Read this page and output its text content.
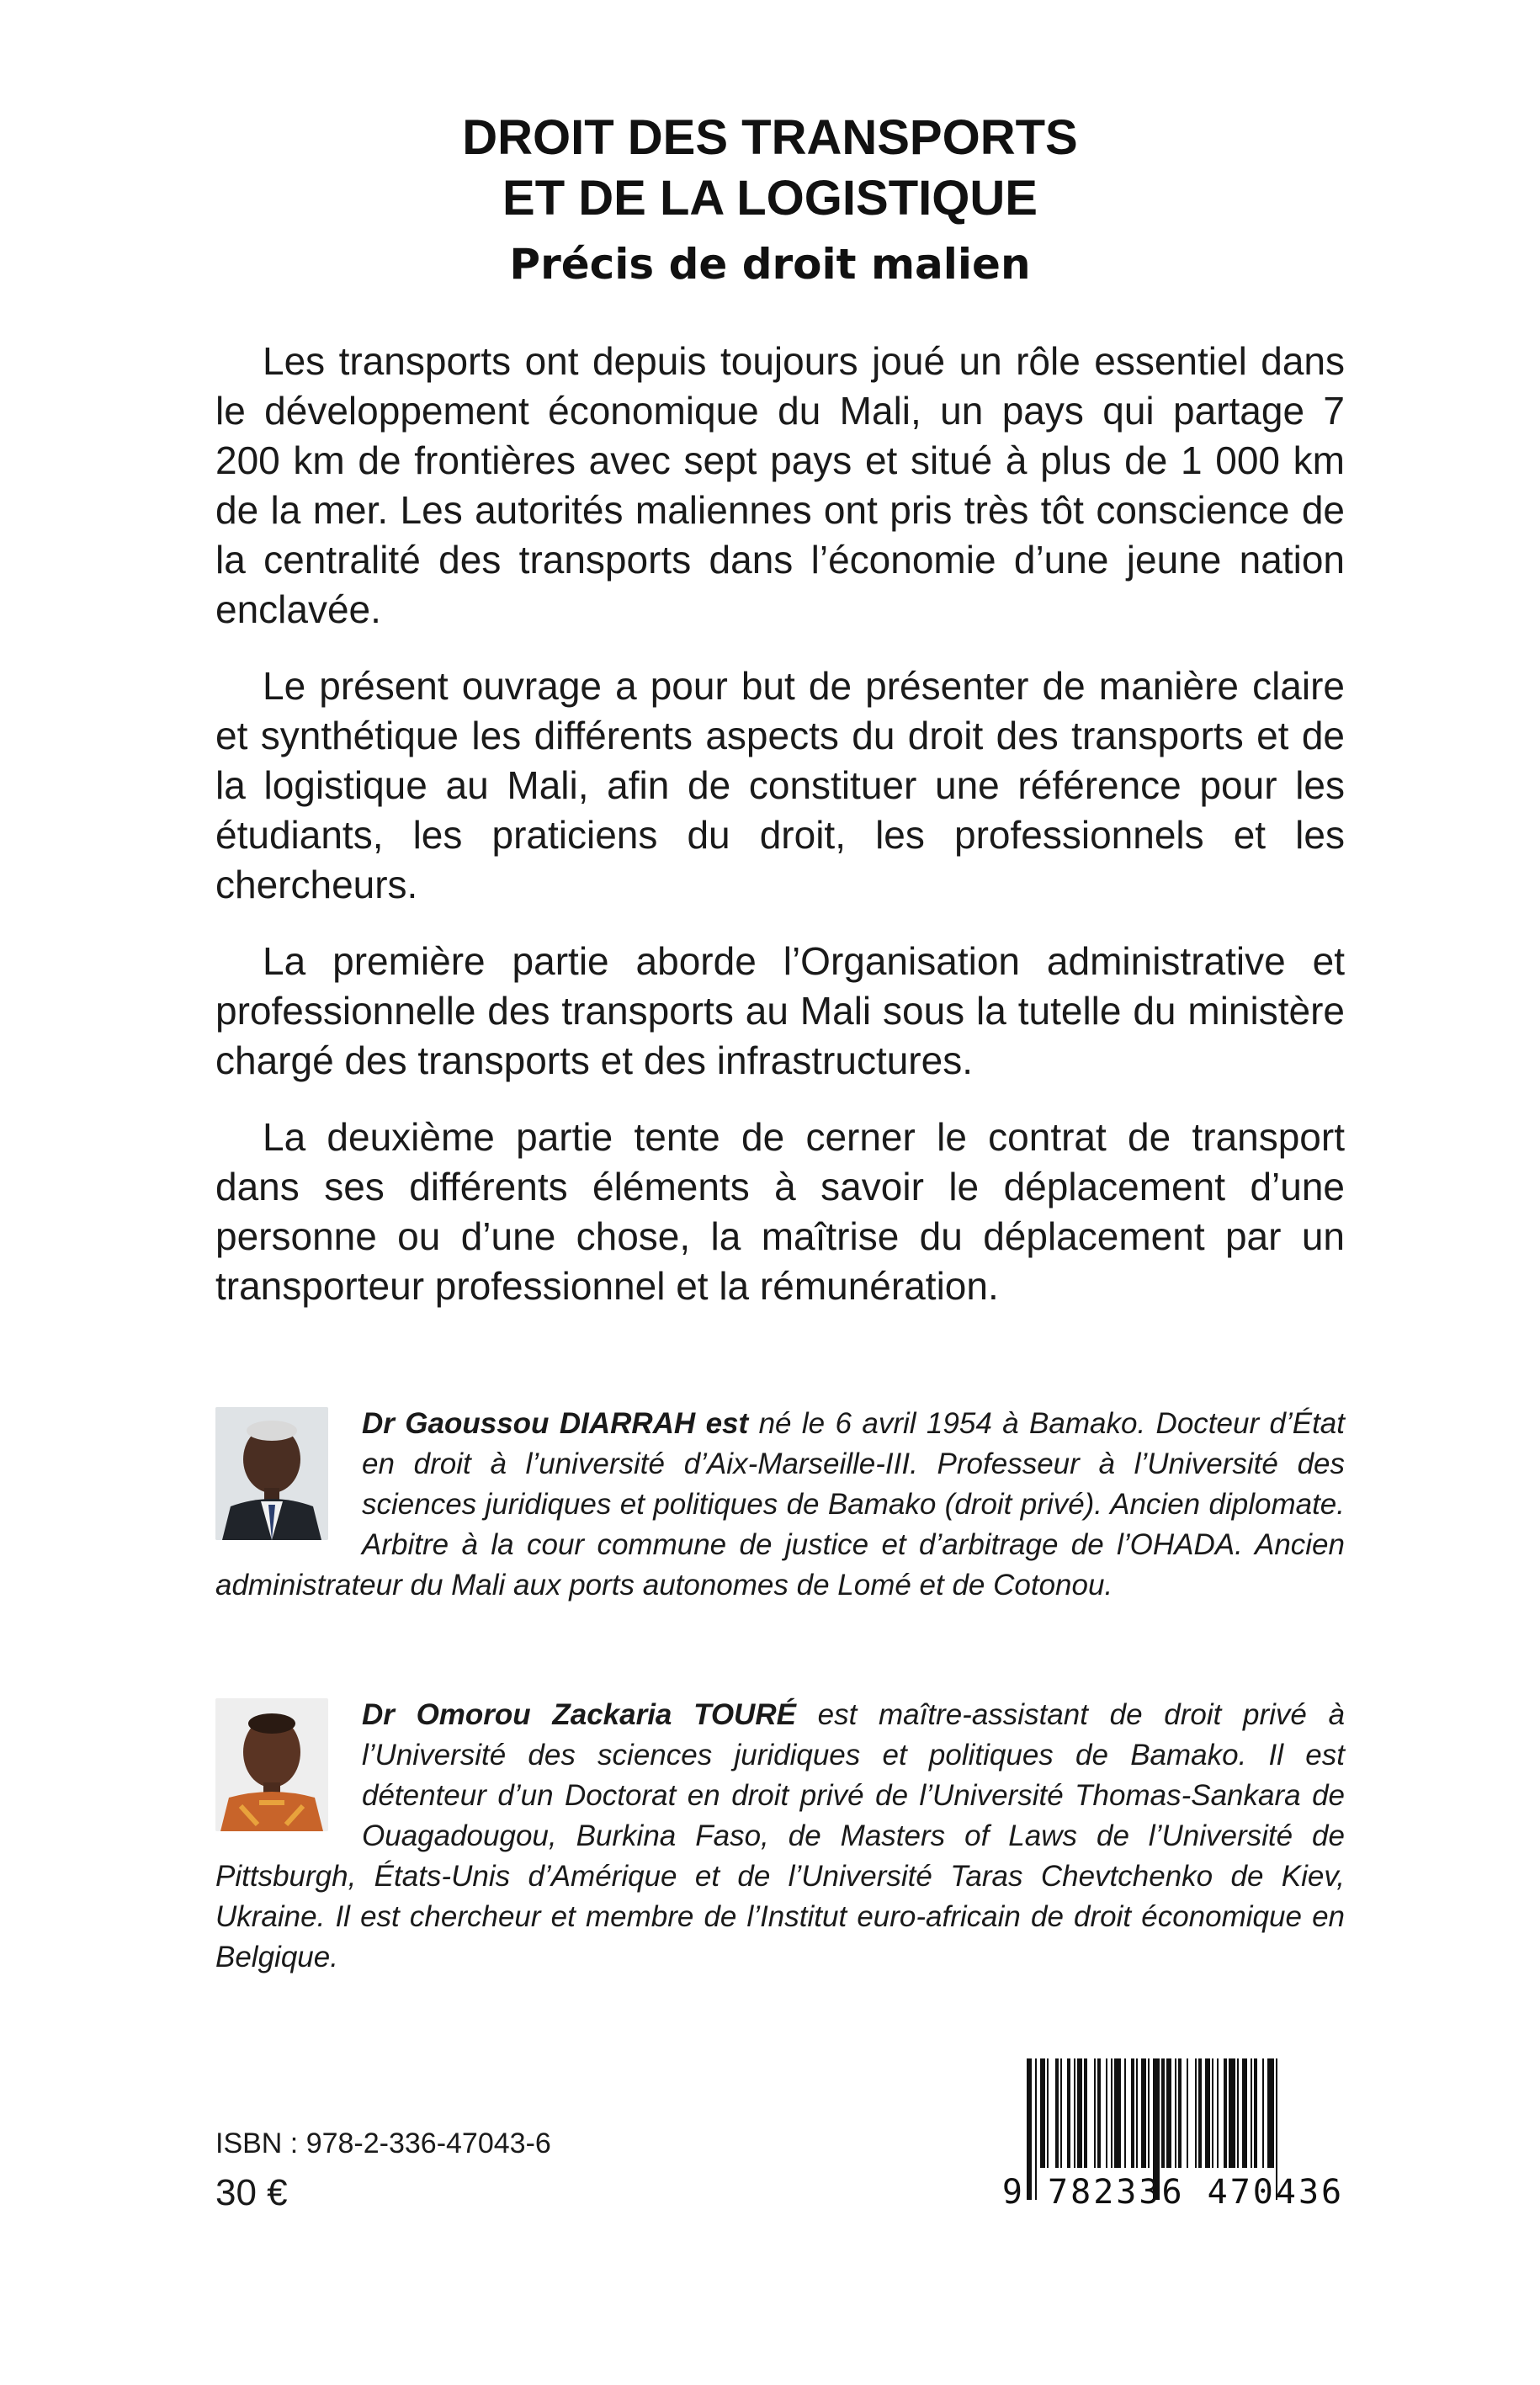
DROIT DES TRANSPORTS
ET DE LA LOGISTIQUE
Précis de droit malien

Les transports ont depuis toujours joué un rôle essentiel dans le développement économique du Mali, un pays qui partage 7 200 km de frontières avec sept pays et situé à plus de 1 000 km de la mer. Les autorités maliennes ont pris très tôt conscience de la centralité des transports dans l’économie d’une jeune nation enclavée.

Le présent ouvrage a pour but de présenter de manière claire et synthétique les différents aspects du droit des transports et de la logistique au Mali, afin de constituer une référence pour les étudiants, les praticiens du droit, les professionnels et les chercheurs.

La première partie aborde l’Organisation administrative et professionnelle des transports au Mali sous la tutelle du ministère chargé des transports et des infrastructures.

La deuxième partie tente de cerner le contrat de transport dans ses différents éléments à savoir le déplacement d’une personne ou d’une chose, la maîtrise du déplacement par un transporteur professionnel et la rémunération.

Dr Gaoussou DIARRAH est né le 6 avril 1954 à Bamako. Docteur d’État en droit à l’université d’Aix-Marseille-III. Professeur à l’Université des sciences juridiques et politiques de Bamako (droit privé). Ancien diplomate. Arbitre à la cour commune de justice et d’arbitrage de l’OHADA. Ancien administrateur du Mali aux ports autonomes de Lomé et de Cotonou.

Dr Omorou Zackaria TOURÉ est maître-assistant de droit privé à l’Université des sciences juridiques et politiques de Bamako. Il est détenteur d’un Doctorat en droit privé de l’Université Thomas-Sankara de Ouagadougou, Burkina Faso, de Masters of Laws de l’Université de Pittsburgh, États-Unis d’Amérique et de l’Université Taras Chevtchenko de Kiev, Ukraine. Il est chercheur et membre de l’Institut euro-africain de droit économique en Belgique.

ISBN : 978-2-336-47043-6
30 €	9 782336 470436
